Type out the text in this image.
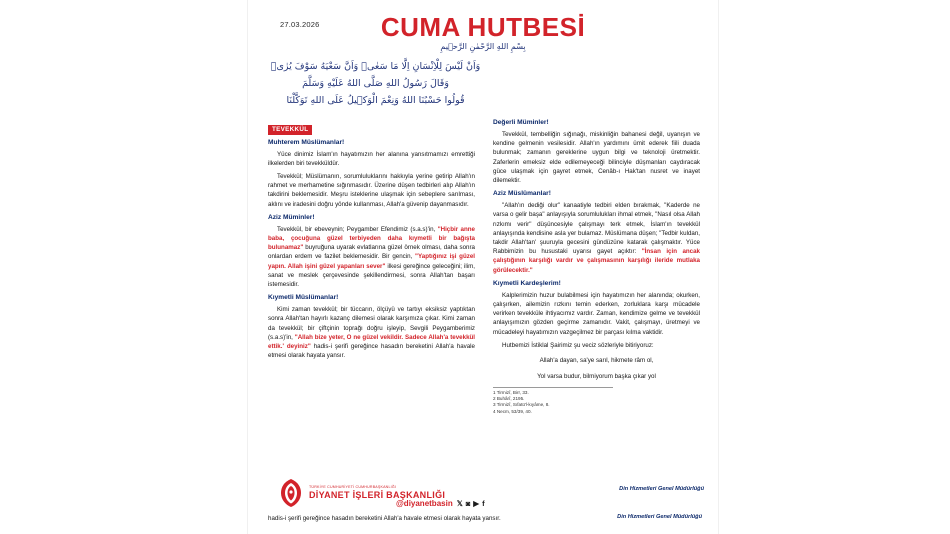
27.03.2026	CUMA HUTBESİ
بِسْمِ اللهِ الرَّحْمٰنِ الرَّح۪يمِ
وَاَنْ لَيْسَ لِلْاِنْسَانِ اِلَّا مَا سَعٰىۙ وَاَنَّ سَعْيَهُ سَوْفَ يُرٰىۖ
وَقَالَ رَسُولُ اللهِ صَلَّى اللهُ عَلَيْهِ وَسَلَّمَ
قُولُوا حَسْبُنَا اللهُ وَنِعْمَ الْوَك۪يلُ عَلَى اللهِ تَوَكَّلْنَا
TEVEKKÜL
Muhterem Müslümanlar!

Yüce dinimiz İslam'ın hayatımızın her alanına yansıtmamızı emrettiği ilkelerden biri tevekküldür.

Tevekkül; Müslümanın, sorumluluklarını hakkıyla yerine getirip Allah'ın rahmet ve merhametine sığınmasıdır. Üzerine düşen tedbirleri alıp Allah'ın takdirini beklemesidir. Meşru isteklerine ulaşmak için sebeplere sarılması, aklını ve iradesini doğru yönde kullanması, Allah'a güvenip dayanmasıdır.

Aziz Müminler!

Tevekkül, bir ebeveynin; Peygamber Efendimiz (s.a.s)'in, "Hiçbir anne baba, çocuğuna güzel terbiyeden daha kıymetli bir bağışta bulunamaz" buyruğuna uyarak evlatlarına güzel örnek olması, daha sonra onlardan erdem ve fazilet beklemesidir. Bir gencin, "Yaptığınız işi güzel yapın. Allah işini güzel yapanları sever" ilkesi gereğince geleceğini; ilim, sanat ve meslek çerçevesinde şekillendirmesi, sonra Allah'tan başarı istemesidir.

Kıymetli Müslümanlar!

Kimi zaman tevekkül; bir tüccarın, ölçüyü ve tartıyı eksiksiz yaptıktan sonra Allah'tan hayırlı kazanç dilemesi olarak karşımıza çıkar. Kimi zaman da tevekkül; bir çiftçinin toprağı doğru işleyip, Sevgili Peygamberimiz (s.a.s)'in, "Allah bize yeter, O ne güzel vekildir. Sadece Allah'a tevekkül ettik.' deyiniz" hadis-i şerifi gereğince hasadın bereketini Allah'a havale etmesi olarak hayata yansır.

Değerli Müminler!

Tevekkül, tembelliğin sığınağı, miskinliğin bahanesi değil, uyanışın ve kendine gelmenin vesilesidir. Allah'ın yardımını ümit ederek fiili duada bulunmak; zamanın gereklerine uygun bilgi ve teknoloji üretmektir. Zaferlerin emeksiz elde edilemeyeceği bilinciyle düşmanları caydıracak güce ulaşmak için gayret etmek, Cenâb-ı Hak'tan nusret ve inayet dilemektir.

Aziz Müslümanlar!

"Allah'ın dediği olur" kanaatiyle tedbiri elden bırakmak, "Kaderde ne varsa o gelir başa" anlayışıyla sorumlulukları ihmal etmek, "Nasıl olsa Allah rızkımı verir" düşüncesiyle çalışmayı terk etmek, İslam'ın tevekkül anlayışında kendisine asla yer bulamaz. Müslümana düşen; "Tedbir kuldan, takdir Allah'tan' şuuruyla gecesini gündüzüne katarak çalışmaktır. Yüce Rabbimizin bu husustaki uyarısı gayet açıktır: "İnsan için ancak çalıştığının karşılığı vardır ve çalışmasının karşılığı ileride mutlaka görülecektir."

Kıymetli Kardeşlerim!

Kalplerimizin huzur bulabilmesi için hayatımızın her alanında; okurken, çalışırken, ailemizin rızkını temin ederken, zorluklara karşı mücadele verirken tevekküle ihtiyacımız vardır. Zaman, kendimize gelme ve tevekkül anlayışımızın gözden geçirme zamanıdır. Vakit, çalışmayı, üretmeyi ve mücadeleyi hayatımızın vazgeçilmez bir parçası kılma vaktidir.

Hutbemizi İstiklal Şairimiz şu veciz sözleriyle bitiriyoruz:

Allah'a dayan, sa'ye sarıl, hikmete râm ol,

Yol varsa budur, bilmiyorum başka çıkar yol

1 Tirmizî, Birr, 33.
2 Buhârî, 2195.
3 Tirmizî, Sıfatü'l-kıyâme, 8.
4 Necm, 53/39, 40.
Din Hizmetleri Genel Müdürlüğü
TÜRKİYE CUMHURİYETİ CUMHURBAŞKANLIĞI
DİYANET İŞLERİ BAŞKANLIĞI
@diyanetbasin 𝕏 ◙ ▶ f
Din Hizmetleri Genel Müdürlüğü
hadis-i şerifi gereğince hasadın bereketini Allah'a havale etmesi olarak hayata yansır.
